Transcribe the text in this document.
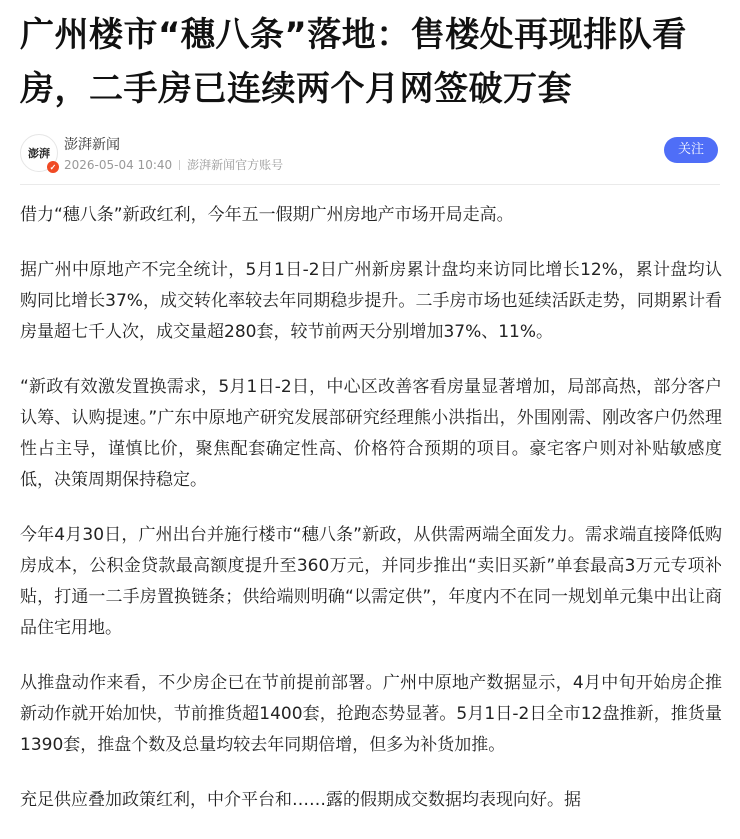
广州楼市“穗八条”落地：售楼处再现排队看房，二手房已连续两个月网签破万套
澎湃
✓
澎湃新闻
2026-05-04 10:40 澎湃新闻官方账号
关注

借力“穗八条”新政红利，今年五一假期广州房地产市场开局走高。

据广州中原地产不完全统计，5月1日-2日广州新房累计盘均来访同比增长12%，累计盘均认购同比增长37%，成交转化率较去年同期稳步提升。二手房市场也延续活跃走势，同期累计看房量超七千人次，成交量超280套，较节前两天分别增加37%、11%。

“新政有效激发置换需求，5月1日-2日，中心区改善客看房量显著增加，局部高热，部分客户认筹、认购提速。”广东中原地产研究发展部研究经理熊小洪指出，外围刚需、刚改客户仍然理性占主导，谨慎比价，聚焦配套确定性高、价格符合预期的项目。豪宅客户则对补贴敏感度低，决策周期保持稳定。

今年4月30日，广州出台并施行楼市“穗八条”新政，从供需两端全面发力。需求端直接降低购房成本，公积金贷款最高额度提升至360万元，并同步推出“卖旧买新”单套最高3万元专项补贴，打通一二手房置换链条；供给端则明确“以需定供”，年度内不在同一规划单元集中出让商品住宅用地。

从推盘动作来看，不少房企已在节前提前部署。广州中原地产数据显示，4月中旬开始房企推新动作就开始加快，节前推货超1400套，抢跑态势显著。5月1日-2日全市12盘推新，推货量1390套，推盘个数及总量均较去年同期倍增，但多为补货加推。

充足供应叠加政策红利，中介平台和……露的假期成交数据均表现向好。据
